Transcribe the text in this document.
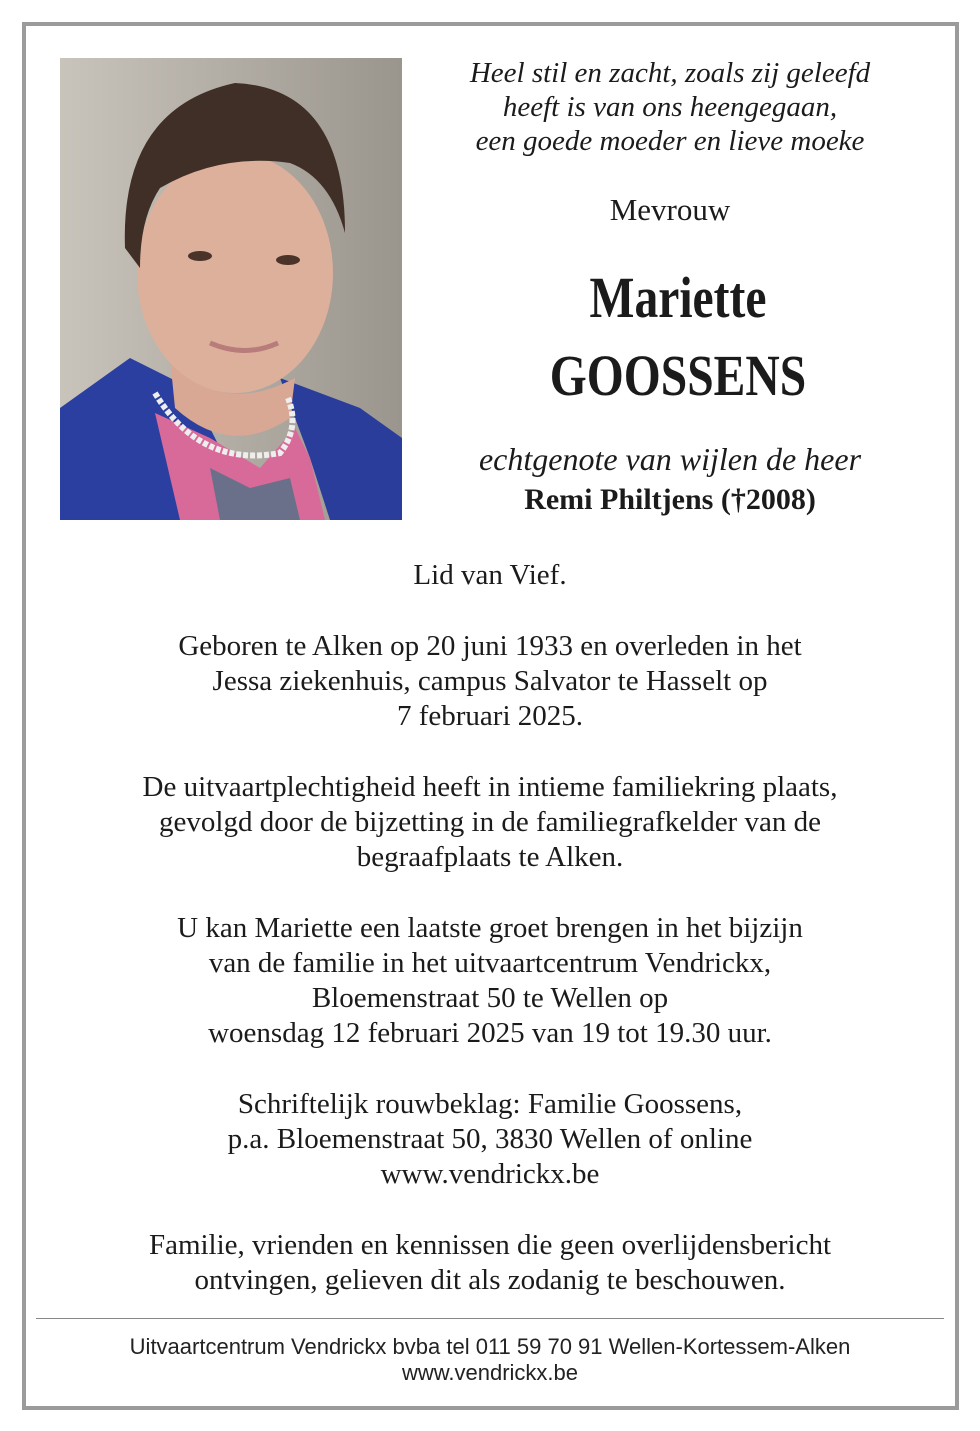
Heel stil en zacht, zoals zij geleefd
heeft is van ons heengegaan,
een goede moeder en lieve moeke
Mevrouw
Mariette
GOOSSENS
echtgenote van wijlen de heer
Remi Philtjens (†2008)

Lid van Vief.

Geboren te Alken op 20 juni 1933 en overleden in het
Jessa ziekenhuis, campus Salvator te Hasselt op
7 februari 2025.

De uitvaartplechtigheid heeft in intieme familiekring plaats,
gevolgd door de bijzetting in de familiegrafkelder van de
begraafplaats te Alken.

U kan Mariette een laatste groet brengen in het bijzijn
van de familie in het uitvaartcentrum Vendrickx,
Bloemenstraat 50 te Wellen op
woensdag 12 februari 2025 van 19 tot 19.30 uur.

Schriftelijk rouwbeklag: Familie Goossens,
p.a. Bloemenstraat 50, 3830 Wellen of online
www.vendrickx.be

Familie, vrienden en kennissen die geen overlijdensbericht
ontvingen, gelieven dit als zodanig te beschouwen.

Uitvaartcentrum Vendrickx bvba tel 011 59 70 91 Wellen-Kortessem-Alken
www.vendrickx.be
